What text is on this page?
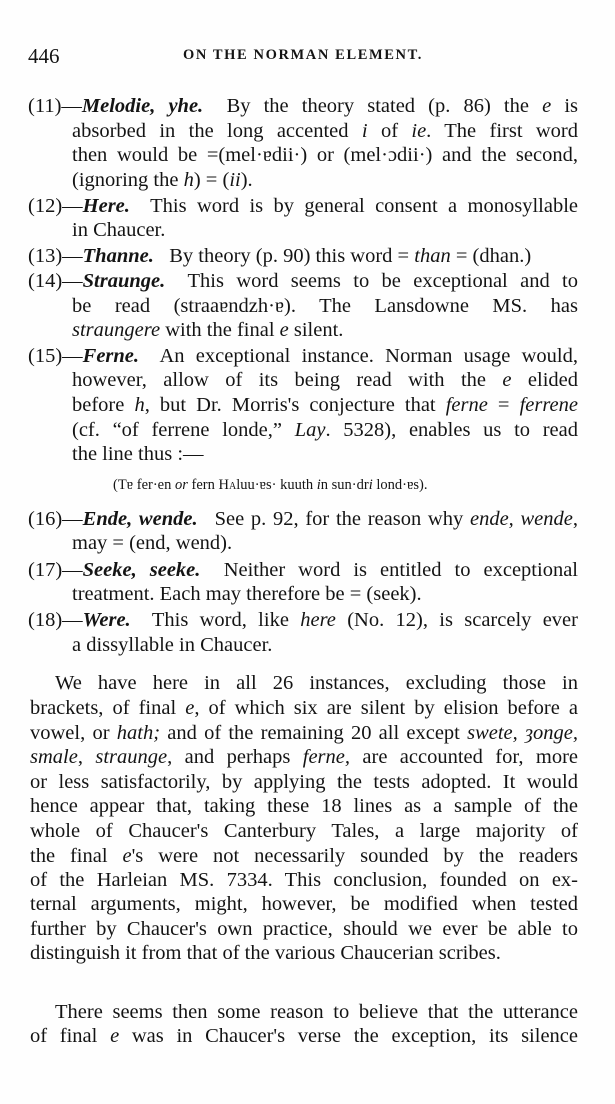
446	ON THE NORMAN ELEMENT.
(11)—Melodie, yhe.  By the theory stated (p. 86) the e is
absorbed in the long accented i of ie. The first word
then would be =(mel·ɐdii·) or (mel·ɔdii·) and the second,
(ignoring the h) = (ii).
(12)—Here.  This word is by general consent a monosyllable
in Chaucer.
(13)—Thanne.  By theory (p. 90) this word = than = (dhan.)
(14)—Straunge.  This word seems to be exceptional and to
be read (straaɐndzh·ɐ). The Lansdowne MS. has
straungere with the final e silent.
(15)—Ferne.  An exceptional instance. Norman usage would,
however, allow of its being read with the e elided
before h, but Dr. Morris's conjecture that ferne = ferrene
(cf. “of ferrene londe,” Lay. 5328), enables us to read
the line thus :—
(16)—Ende, wende.  See p. 92, for the reason why ende, wende,
may = (end, wend).
(17)—Seeke, seeke.  Neither word is entitled to exceptional
treatment. Each may therefore be = (seek).
(18)—Were.  This word, like here (No. 12), is scarcely ever
a dissyllable in Chaucer.
(Tɐ fer·en or fern Haluu·ɐs· kuuth in sun·dri lond·ɐs).
We have here in all 26 instances, excluding those in
brackets, of final e, of which six are silent by elision before a
vowel, or hath; and of the remaining 20 all except swete, ȝonge,
smale, straunge, and perhaps ferne, are accounted for, more
or less satisfactorily, by applying the tests adopted. It would
hence appear that, taking these 18 lines as a sample of the
whole of Chaucer's Canterbury Tales, a large majority of
the final e's were not necessarily sounded by the readers
of the Harleian MS. 7334. This conclusion, founded on ex-
ternal arguments, might, however, be modified when tested
further by Chaucer's own practice, should we ever be able to
distinguish it from that of the various Chaucerian scribes.
There seems then some reason to believe that the utterance
of final e was in Chaucer's verse the exception, its silence
